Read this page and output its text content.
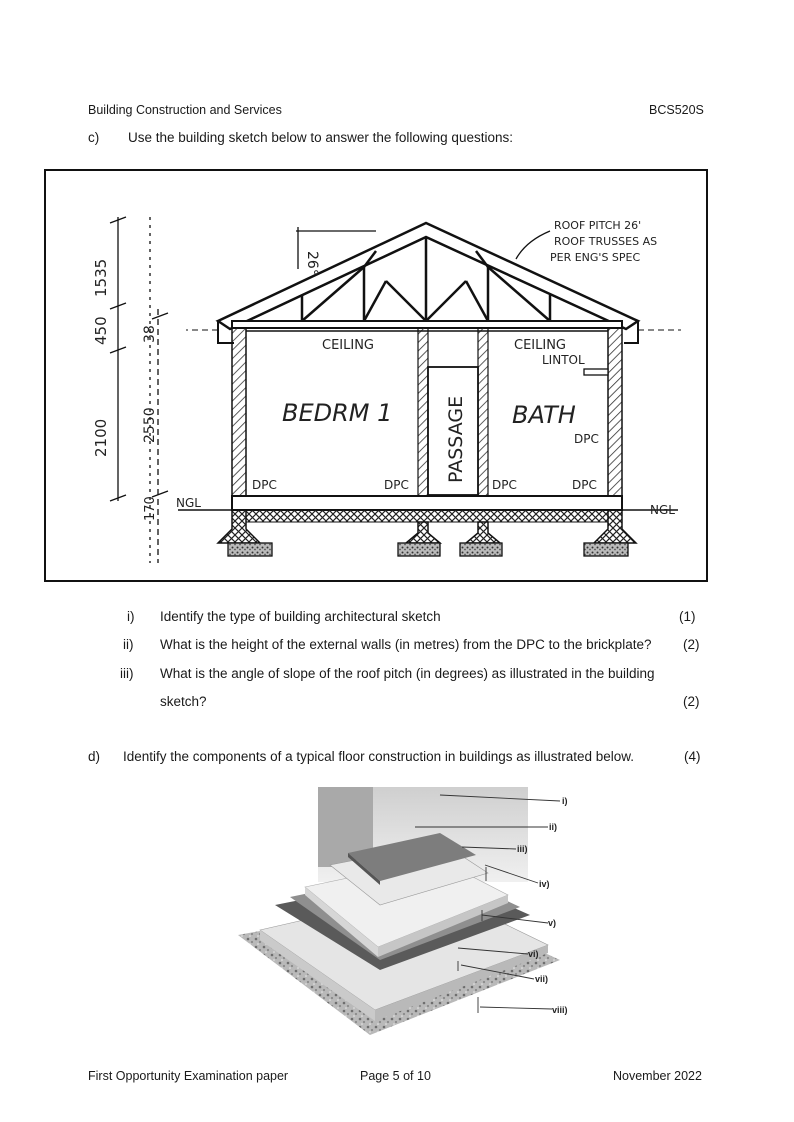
Building Construction and Services	BCS520S
c) Use the building sketch below to answer the following questions:
ROOF PITCH 26'
ROOF TRUSSES AS
PER ENG'S SPEC
26°
1535
450
2100 2550
38
170
CEILING	CEILING
LINTOL
BEDRM 1	PASSAGE BATH
DPC
DPC	DPC	DPC	DPC
NGL	NGL
i) Identify the type of building architectural sketch	(1)
ii) What is the height of the external walls (in metres) from the DPC to the brickplate? (2)
iii) What is the angle of slope of the roof pitch (in degrees) as illustrated in the building
sketch?	(2)
d) Identify the components of a typical floor construction in buildings as illustrated below.	(4)
i)
ii)
iii)
iv)
v)
vi)
vii)
viii)
First Opportunity Examination paper	Page 5 of 10	November 2022
